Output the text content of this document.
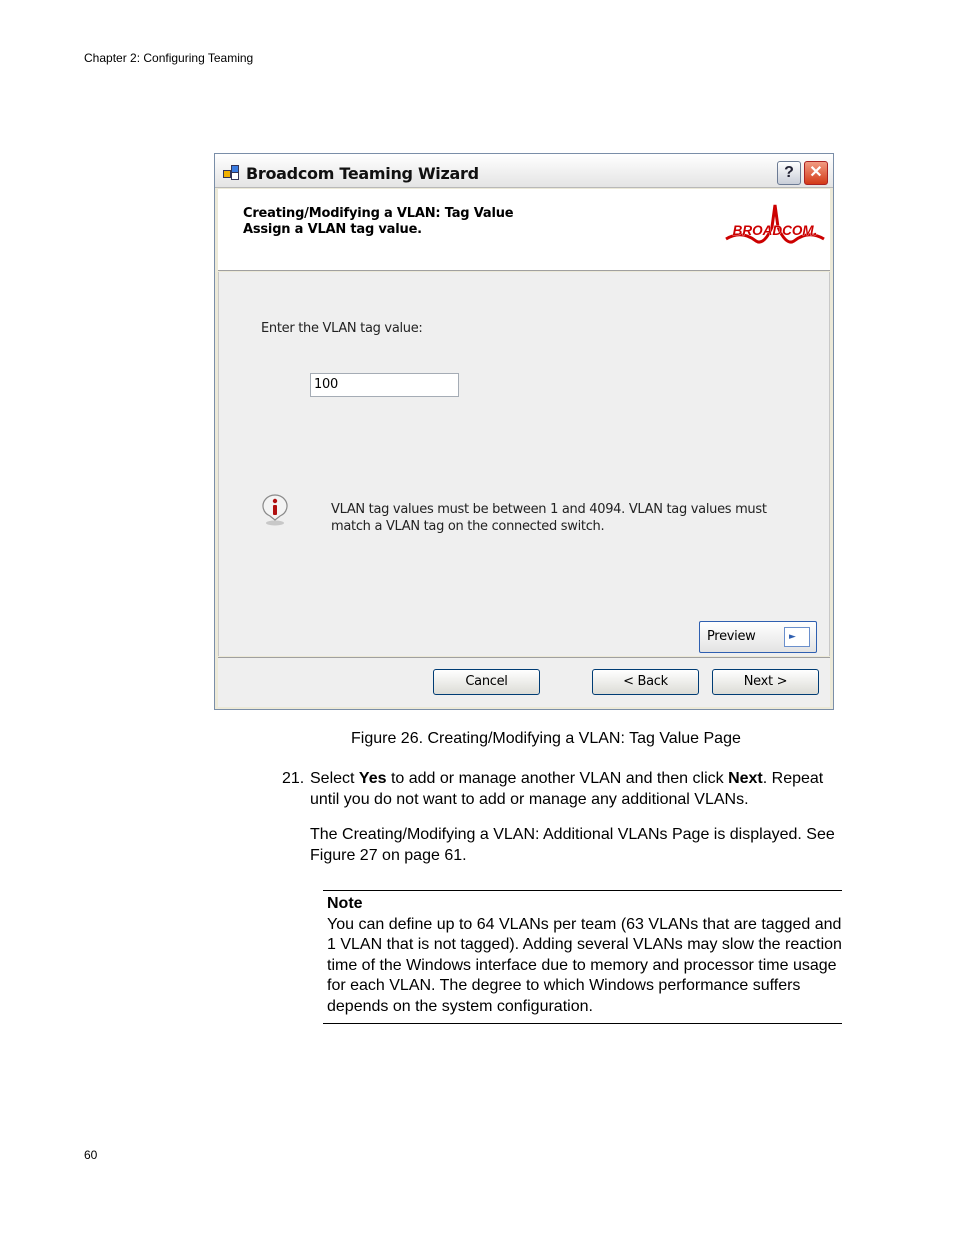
Chapter 2: Configuring Teaming
Broadcom Teaming Wizard	? ✕
Creating/Modifying a VLAN: Tag Value
Assign a VLAN tag value.	BROADCOM.
Enter the VLAN tag value:
100
VLAN tag values must be between 1 and 4094. VLAN tag values must
match a VLAN tag on the connected switch.
Preview	►
Cancel	< Back	Next >
Figure 26. Creating/Modifying a VLAN: Tag Value Page
21. Select Yes to add or manage another VLAN and then click Next. Repeat until you do not want to add or manage any additional VLANs.
The Creating/Modifying a VLAN: Additional VLANs Page is displayed. See Figure 27 on page 61.
Note
You can define up to 64 VLANs per team (63 VLANs that are tagged and 1 VLAN that is not tagged). Adding several VLANs may slow the reaction time of the Windows interface due to memory and processor time usage for each VLAN. The degree to which Windows performance suffers depends on the system configuration.
60
